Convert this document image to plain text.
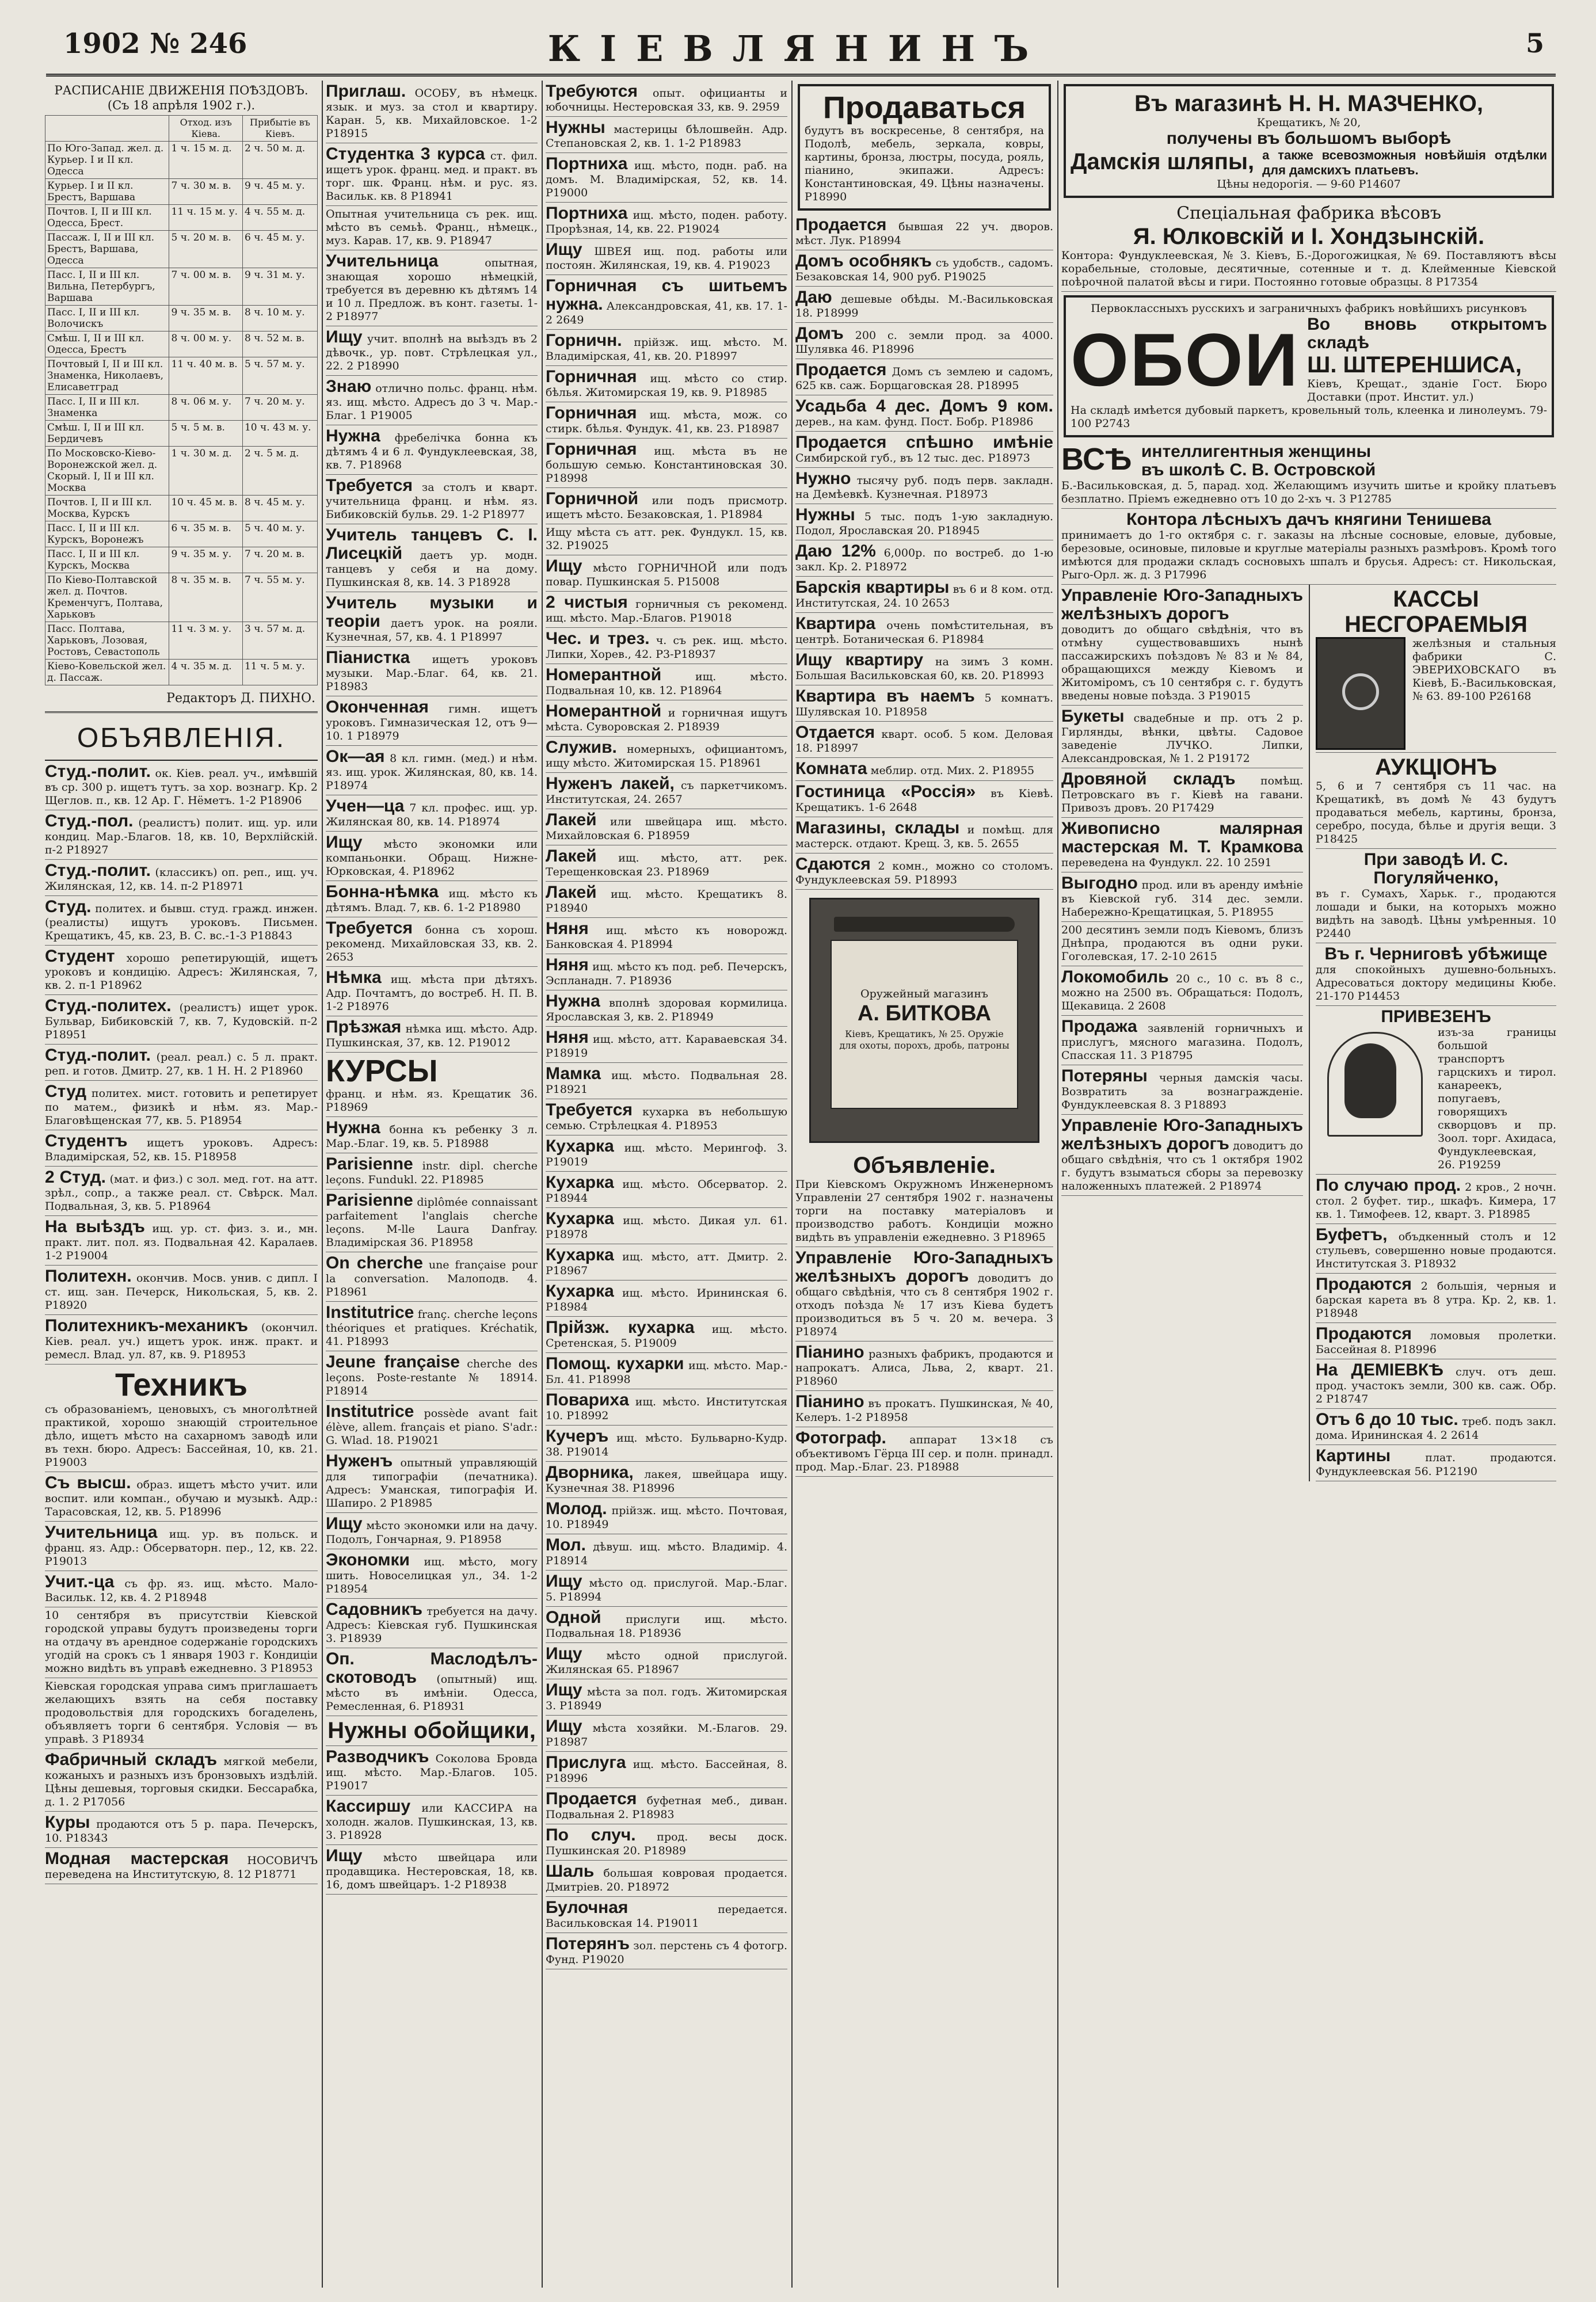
1902 № 246	КІЕВЛЯНИНЪ	5
РАСПИСАНІЕ ДВИЖЕНІЯ ПОѢЗДОВЪ.
(Съ 18 апрѣля 1902 г.).
	Отход. изъ Кіева.	Прибытіе въ Кіевъ.
По Юго-Запад. жел. д. Курьер. I и II кл. Одесса	1 ч. 15 м. д.	2 ч. 50 м. д.
Курьер. I и II кл. Брестъ, Варшава	7 ч. 30 м. в.	9 ч. 45 м. у.
Почтов. I, II и III кл. Одесса, Брест.	11 ч. 15 м. у.	4 ч. 55 м. д.
Пассаж. I, II и III кл. Брестъ, Варшава, Одесса	5 ч. 20 м. в.	6 ч. 45 м. у.
Пасс. I, II и III кл. Вильна, Петербургъ, Варшава	7 ч. 00 м. в.	9 ч. 31 м. у.
Пасс. I, II и III кл. Волочискъ	9 ч. 35 м. в.	8 ч. 10 м. у.
Смѣш. I, II и III кл. Одесса, Брестъ	8 ч. 00 м. у.	8 ч. 52 м. в.
Почтовый I, II и III кл. Знаменка, Николаевъ, Елисаветград	11 ч. 40 м. в.	5 ч. 57 м. у.
Пасс. I, II и III кл. Знаменка	8 ч. 06 м. у.	7 ч. 20 м. у.
Смѣш. I, II и III кл. Бердичевъ	5 ч. 5 м. в.	10 ч. 43 м. у.
По Московско-Кіево-Воронежской жел. д. Скорый. I, II и III кл. Москва	1 ч. 30 м. д.	2 ч. 5 м. д.
Почтов. I, II и III кл. Москва, Курскъ	10 ч. 45 м. в.	8 ч. 45 м. у.
Пасс. I, II и III кл. Курскъ, Воронежъ	6 ч. 35 м. в.	5 ч. 40 м. у.
Пасс. I, II и III кл. Курскъ, Москва	9 ч. 35 м. у.	7 ч. 20 м. в.
По Кіево-Полтавской жел. д. Почтов. Кременчугъ, Полтава, Харьковъ	8 ч. 35 м. в.	7 ч. 55 м. у.
Пасс. Полтава, Харьковъ, Лозовая, Ростовъ, Севастополь	11 ч. 3 м. у.	3 ч. 57 м. д.
Кіево-Ковельской жел. д. Пассаж.	4 ч. 35 м. д.	11 ч. 5 м. у.
Редакторъ Д. ПИХНО.
ОБЪЯВЛЕНІЯ.
Студ.-полит. ок. Кіев. реал. уч., имѣвшій въ ср. 300 р. ищетъ тутъ. за хор. вознагр. Кр. 2 Щеглов. п., кв. 12 Ар. Г. Нёметъ. 1-2 P18906
Студ.-пол. (реалистъ) полит. ищ. ур. или кондиц. Мар.-Благов. 18, кв. 10, Верхлійскій. п-2 P18927
Студ.-полит. (классикъ) оп. реп., ищ. уч. Жилянская, 12, кв. 14. п-2 P18971
Студ. политех. и бывш. студ. гражд. инжен. (реалисты) ищутъ уроковъ. Письмен. Крещатикъ, 45, кв. 23, В. С. вс.-1-3 P18843
Студент хорошо репетирующій, ищетъ уроковъ и кондицію. Адресъ: Жилянская, 7, кв. 2. п-1 P18962
Студ.-политех. (реалистъ) ищет урок. Бульвар, Бибиковскій 7, кв. 7, Кудовскій. п-2 P18951
Студ.-полит. (реал. реал.) с. 5 л. практ. реп. и готов. Дмитр. 27, кв. 1 Н. Н. 2 P18960
Студ политех. мист. готовить и репетирует по матем., физикѣ и нѣм. яз. Мар.-Благовѣщенская 77, кв. 5. P18954
Студентъ ищетъ уроковъ. Адресъ: Владимірская, 52, кв. 15. P18958
2 Студ. (мат. и физ.) с зол. мед. гот. на атт. зрѣл., сопр., а также реал. ст. Свѣрск. Мал. Подвальная, 3, кв. 5. P18964
На выѣздъ ищ. ур. ст. физ. з. и., мн. практ. лит. пол. яз. Подвальная 42. Каралаев. 1-2 P19004
Политехн. окончив. Мосв. унив. с дипл. I ст. ищ. зан. Печерск, Никольская, 5, кв. 2. P18920
Политехникъ-механикъ (окончил. Кіев. реал. уч.) ищетъ урок. инж. практ. и ремесл. Влад. ул. 87, кв. 9. P18953
Техникъ
съ образованіемъ, ценовыхъ, съ многолѣтней практикой, хорошо знающій строительное дѣло, ищетъ мѣсто на сахарномъ заводѣ или въ техн. бюро. Адресъ: Бассейная, 10, кв. 21. P19003
Съ высш. образ. ищетъ мѣсто учит. или воспит. или компан., обучаю и музыкѣ. Адр.: Тарасовская, 12, кв. 5. P18996
Учительница ищ. ур. въ польск. и франц. яз. Адр.: Обсерваторн. пер., 12, кв. 22. P19013
Учит.-ца съ фр. яз. ищ. мѣсто. Мало-Васильк. 12, кв. 4. 2 P18948
10 сентября въ присутствіи Кіевской городской управы будутъ произведены торги на отдачу въ арендное содержаніе городскихъ угодій на срокъ съ 1 января 1903 г. Кондиціи можно видѣть въ управѣ ежедневно. 3 P18953
Кіевская городская управа симъ приглашаетъ желающихъ взять на себя поставку продовольствія для городскихъ богаделень, объявляетъ торги 6 сентября. Условія — въ управѣ. 3 P18934
Фабричный складъ мягкой мебели, кожаныхъ и разныхъ изъ бронзовыхъ издѣлій. Цѣны дешевыя, торговыя скидки. Бессарабка, д. 1. 2 P17056
Куры продаются отъ 5 р. пара. Печерскъ, 10. P18343
Модная мастерская НОСОВИЧЪ переведена на Институтскую, 8. 12 P18771
Приглаш. ОСОБУ, въ нѣмецк. язык. и муз. за стол и квартиру. Каран. 5, кв. Михайловское. 1-2 P18915
Студентка 3 курса ст. фил. ищетъ урок. франц. мед. и практ. въ торг. шк. Франц. нѣм. и рус. яз. Васильк. кв. 8 P18941
Опытная учительница съ рек. ищ. мѣсто въ семьѣ. Франц., нѣмецк., муз. Карав. 17, кв. 9. P18947
Учительница	опытная, знающая хорошо нѣмецкій, требуется въ деревню къ дѣтямъ 14 и 10 л. Предлож. въ конт. газеты. 1-2 P18977
Ищу учит. вполнѣ на выѣздъ въ 2 дѣвочк., ур. повт. Стрѣлецкая ул., 22. 2 P18990
Знаю отлично польс. франц. нѣм. яз. ищ. мѣсто. Адресъ до 3 ч. Мар.-Благ. 1 P19005
Нужна фребелічка бонна къ дѣтямъ 4 и 6 л. Фундуклеевская, 38, кв. 7. P18968
Требуется за столъ и кварт. учительница франц. и нѣм. яз. Бибиковскій бульв. 29. 1-2 P18977
Учитель танцевъ С. І. Лисецкій даетъ ур. модн. танцевъ у себя и на дому. Пушкинская 8, кв. 14. 3 P18928
Учитель музыки и теоріи даетъ урок. на рояли. Кузнечная, 57, кв. 4. 1 P18997
Піанистка ищетъ уроковъ музыки. Мар.-Благ. 64, кв. 21. P18983
Оконченная гимн. ищетъ уроковъ. Гимназическая 12, отъ 9—10. 1 P18979
Ок—ая 8 кл. гимн. (мед.) и нѣм. яз. ищ. урок. Жилянская, 80, кв. 14. P18974
Учен—ца 7 кл. профес. ищ. ур. Жилянская 80, кв. 14. P18974
Ищу мѣсто экономки или компаньонки. Обращ. Нижне-Юрковская, 4. P18962
Бонна-нѣмка ищ. мѣсто къ дѣтямъ. Влад. 7, кв. 6. 1-2 P18980
Требуется бонна съ хорош. рекоменд. Михайловская 33, кв. 2. 2653
Нѣмка ищ. мѣста при дѣтяхъ. Адр. Почтамтъ, до востреб. Н. П. В. 1-2 P18976
Прѣзжая нѣмка ищ. мѣсто. Адр. Пушкинская, 37, кв. 12. P19012
КУРСЫ
франц. и нѣм. яз. Крещатик 36. P18969
Нужна бонна къ ребенку 3 л. Мар.-Благ. 19, кв. 5. P18988
Parisienne instr. dipl. cherche leçons. Fundukl. 22. P18985
Parisienne diplômée connaissant parfaitement l'anglais cherche leçons. M-lle Laura Danfray. Владимірская 36. P18958
On cherche une française pour la conversation. Малоподв. 4. P18961
Institutrice franç. cherche leçons théoriques et pratiques. Kréchatik, 41. P18993
Jeune française cherche des leçons. Poste-restante № 18914. P18914
Institutrice possède avant fait élève, allem. français et piano. S'adr.: G. Wlad. 18. P19021
Нуженъ опытный управляющій для типографіи (печатника). Адресъ: Уманская, типографія И. Шапиро. 2 P18985
Ищу мѣсто экономки или на дачу. Подолъ, Гончарная, 9. P18958
Экономки ищ. мѣсто, могу шить. Новоселицкая ул., 34. 1-2 P18954
Садовникъ требуется на дачу. Адресъ: Кіевская губ. Пушкинская 3. P18939
Оп. Маслодѣлъ-скотоводъ (опытный) ищ. мѣсто въ имѣніи. Одесса, Ремесленная, 6. P18931
Нужны обойщики,
Разводчикъ Соколова Бровда ищ. мѣсто. Мар.-Благов. 105. P19017
Кассиршу или КАССИРА на холодн. жалов. Пушкинская, 13, кв. 3. P18928
Ищу мѣсто швейцара или продавщика. Нестеровская, 18, кв. 16, домъ швейцаръ. 1-2 P18938
Требуются опыт. официанты и юбочницы. Нестеровская 33, кв. 9. 2959
Нужны мастерицы бѣлошвейн. Адр. Степановская 2, кв. 1. 1-2 P18983
Портниха ищ. мѣсто, подн. раб. на домъ. М. Владимірская, 52, кв. 14. P19000
Портниха ищ. мѣсто, поден. работу. Прорѣзная, 14, кв. 22. P19024
Ищу ШВЕЯ ищ. под. работы или постоян. Жилянская, 19, кв. 4. P19023
Горничная съ шитьемъ нужна. Александровская, 41, кв. 17. 1-2 2649
Горничн. прійзж. ищ. мѣсто. М. Владимірская, 41, кв. 20. P18997
Горничная ищ. мѣсто со стир. бѣлья. Житомирская 19, кв. 9. P18985
Горничная ищ. мѣста, мож. со стирк. бѣлья. Фундук. 41, кв. 23. P18987
Горничная ищ. мѣста въ не большую семью. Константиновская 30. P18998
Горничной или подъ присмотр. ищетъ мѣсто. Безаковская, 1. P18984
Ищу мѣста съ атт. рек. Фундукл. 15, кв. 32. P19025
Ищу мѣсто ГОРНИЧНОЙ или подъ повар. Пушкинская 5. P15008
2 чистыя горничныя съ рекоменд. ищ. мѣсто. Мар.-Благов. P19018
Чес. и трез. ч. съ рек. ищ. мѣсто. Липки, Хорев., 42. P3-P18937
Номерантной	ищ. мѣсто. Подвальная 10, кв. 12. P18964
Номерантной и горничная ищутъ мѣста. Суворовская 2. P18939
Служив. номерныхъ, официантомъ, ищу мѣсто. Житомирская 15. P18961
Нуженъ лакей, съ паркетчикомъ. Институтская, 24. 2657
Лакей или швейцара ищ. мѣсто. Михайловская 6. P18959
Лакей ищ. мѣсто, атт. рек. Терещенковская 23. P18969
Лакей ищ. мѣсто. Крещатикъ 8. P18940
Няня ищ. мѣсто къ новорожд. Банковская 4. P18994
Няня ищ. мѣсто къ под. реб. Печерскъ, Эспланадн. 7. P18936
Нужна вполнѣ здоровая кормилица. Ярославская 3, кв. 2. P18949
Няня ищ. мѣсто, атт. Караваевская 34. P18919
Мамка ищ. мѣсто. Подвальная 28. P18921
Требуется кухарка въ небольшую семью. Стрѣлецкая 4. P18953
Кухарка ищ. мѣсто. Мерингоф. 3. P19019
Кухарка ищ. мѣсто. Обсерватор. 2. P18944
Кухарка ищ. мѣсто. Дикая ул. 61. P18978
Кухарка ищ. мѣсто, атт. Дмитр. 2. P18967
Кухарка ищ. мѣсто. Ирининская 6. P18984
Прійзж. кухарка ищ. мѣсто. Сретенская, 5. P19009
Помощ. кухарки ищ. мѣсто. Мар.-Бл. 41. P18998
Повариха ищ. мѣсто. Институтская 10. P18992
Кучеръ ищ. мѣсто. Бульварно-Кудр. 38. P19014
Дворника, лакея, швейцара ищу. Кузнечная 38. P18996
Молод. прійзж. ищ. мѣсто. Почтовая, 10. P18949
Мол. дѣвуш. ищ. мѣсто. Владимір. 4. P18914
Ищу мѣсто од. прислугой. Мар.-Благ. 5. P18994
Одной прислуги ищ. мѣсто. Подвальная 18. P18936
Ищу мѣсто одной прислугой. Жилянская 65. P18967
Ищу мѣста за пол. годъ. Житомирская 3. P18949
Ищу мѣста хозяйки. М.-Благов. 29. P18987
Прислуга ищ. мѣсто. Бассейная, 8. P18996
Продается буфетная меб., диван. Подвальная 2. P18983
По случ. прод. весы доск. Пушкинская 20. P18989
Шаль большая ковровая продается. Дмитріев. 20. P18972
Булочная	передается. Васильковская 14. P19011
Потерянъ зол. перстень съ 4 фотогр. Фунд. P19020
Продаваться
будутъ въ воскресенье, 8 сентября, на Подолѣ, мебель, зеркала, ковры, картины, бронза, люстры, посуда, рояль, піанино, экипажи. Адресъ: Константиновская, 49. Цѣны назначены. P18990
Продается бывшая 22 уч. дворов. мѣст. Лук. P18994
Домъ особнякъ съ удобств., садомъ. Безаковская 14, 900 руб. P19025
Даю дешевые обѣды. М.-Васильковская 18. P18999
Домъ 200 с. земли прод. за 4000. Шулявка 46. P18996
Продается Домъ съ землею и садомъ, 625 кв. саж. Борщаговская 28. P18995
Усадьба 4 дес. Домъ 9 ком. дерев., на кам. фунд. Пост. Бобр. P18986
Продается спѣшно имѣніе Симбирской губ., въ 12 тыс. дес. P18973
Нужно тысячу руб. подъ перв. закладн. на Демѣевкѣ. Кузнечная. P18973
Нужны 5 тыс. подъ 1-ую закладную. Подол, Ярославская 20. P18945
Даю 12% 6,000р. по востреб. до 1-ю закл. Кр. 2. P18972
Барскія квартиры въ 6 и 8 ком. отд. Институтская, 24. 10 2653
Квартира очень помѣстительная, въ центрѣ. Ботаническая 6. P18984
Ищу квартиру на зимъ 3 комн. Большая Васильковская 60, кв. 20. P18993
Квартира въ наемъ 5 комнатъ. Шулявская 10. P18958
Отдается кварт. особ. 5 ком. Деловая 18. P18997
Комната меблир. отд. Мих. 2. P18955
Гостиница «Россія» въ Кіевѣ. Крещатикъ. 1-6 2648
Магазины, склады и помѣщ. для мастерск. отдают. Крещ. 3, кв. 5. 2655
Сдаются 2 комн., можно со столомъ. Фундуклеевская 59. P18993
Оружейный магазинъ
А. БИТКОВА
Кіевъ, Крещатикъ, № 25. Оружіе для охоты, порохъ, дробь, патроны
Объявленіе.
При Кіевскомъ Окружномъ Инженерномъ Управленіи 27 сентября 1902 г. назначены торги на поставку матеріаловъ и производство работъ. Кондиціи можно видѣть въ управленіи ежедневно. 3 P18965
Управленіе Юго-Западныхъ желѣзныхъ дорогъ доводитъ до общаго свѣдѣнія, что съ 8 сентября 1902 г. отходъ поѣзда № 17 изъ Кіева будетъ производиться въ 5 ч. 20 м. вечера. 3 P18974
Піанино разныхъ фабрикъ, продаются и напрокатъ. Алиса, Льва, 2, кварт. 21. P18960
Піанино въ прокатъ. Пушкинская, № 40, Келеръ. 1-2 P18958
Фотограф. аппарат 13×18 съ объективомъ Гёрца III сер. и полн. принадл. прод. Мар.-Благ. 23. P18988
Въ магазинѣ Н. Н. МАЗЧЕНКО,
Крещатикъ, № 20,
получены въ большомъ выборѣ
Дамскія шляпы, а также всевозможныя новѣйшія отдѣлки для дамскихъ платьевъ.
Цѣны недорогія. — 9-60 P14607
Спеціальная фабрика вѣсовъ
Я. Юлковскій и І. Хондзынскій.
Контора: Фундуклеевская, № 3. Кіевъ, Б.-Дорогожицкая, № 69. Поставляютъ вѣсы корабельные, столовые, десятичные, сотенные и т. д. Клейменные Кіевской поѣрочной палатой вѣсы и гири. Постоянно готовые образцы. 8 P17354
Первоклассныхъ русскихъ и заграничныхъ фабрикъ новѣйшихъ рисунковъ
ОБОИ Во вновь открытомъ складѣ
Ш. ШТЕРЕНШИСА,
Кіевъ, Крещат., зданіе Гост. Бюро Доставки (прот. Инстит. ул.)
На складѣ имѣется дубовый паркетъ, кровельный толь, клеенка и линолеумъ. 79-100 P2743
ВСѢ интеллигентныя женщины
въ школѣ С. В. Островской
Б.-Васильковская, д. 5, парад. ход. Желающимъ изучить шитье и кройку платьевъ безплатно. Пріемъ ежедневно отъ 10 до 2-хъ ч. 3 P12785
Контора лѣсныхъ дачъ княгини Тенишева
принимаетъ до 1-го октября с. г. заказы на лѣсные сосновые, еловые, дубовые, березовые, осиновые, пиловые и круглые матеріалы разныхъ размѣровъ. Кромѣ того имѣются для продажи складъ сосновыхъ шпалъ и брусья. Адресъ: ст. Никольская, Рыго-Орл. ж. д. 3 P17996
Управленіе Юго-Западныхъ желѣзныхъ дорогъ
доводитъ до общаго свѣдѣнія, что въ отмѣну существовавшихъ нынѣ пассажирскихъ поѣздовъ № 83 и № 84, обращающихся между Кіевомъ и Житоміромъ, съ 10 сентября с. г. будутъ введены новые поѣзда. 3 P19015
Букеты свадебные и пр. отъ 2 р. Гирлянды, вѣнки, цвѣты. Садовое заведеніе ЛУЧКО. Липки, Александровская, № 1. 2 P19172
Дровяной складъ помѣщ. Петровскаго въ г. Кіевѣ на гавани. Привозъ дровъ. 20 P17429
Живописно малярная мастерская М. Т. Крамкова переведена на Фундукл. 22. 10 2591
Выгодно прод. или въ аренду имѣніе въ Кіевской губ. 314 дес. земли. Набережно-Крещатицкая, 5. P18955
200 десятинъ земли подъ Кіевомъ, близъ Днѣпра, продаются въ одни руки. Гоголевская, 17. 2-10 2615
Локомобиль 20 с., 10 с. въ 8 с., можно на 2500 въ. Обращаться: Подолъ, Щекавица. 2 2608
Продажа заявленій горничныхъ и прислугъ, мясного магазина. Подолъ, Спасская 11. 3 P18795
Потеряны черныя дамскія часы. Возвратить за вознагражденіе. Фундуклеевская 8. 3 P18893
Управленіе Юго-Западныхъ желѣзныхъ дорогъ доводитъ до общаго свѣдѣнія, что съ 1 октября 1902 г. будутъ взыматься сборы за перевозку наложенныхъ платежей. 2 P18974
КАССЫ НЕСГОРАЕМЫЯ
желѣзныя и стальныя фабрики С. ЭВЕРИХОВСКАГО въ Кіевѣ, Б.-Васильковская, № 63. 89-100 P26168
АУКЦІОНЪ
5, 6 и 7 сентября съ 11 час. на Крещатикѣ, въ домѣ № 43 будутъ продаваться мебель, картины, бронза, серебро, посуда, бѣлье и другія вещи. 3 P18425
При заводѣ И. С. Погуляйченко,
въ г. Сумахъ, Харьк. г., продаются лошади и быки, на которыхъ можно видѣть на заводѣ. Цѣны умѣренныя. 10 P2440
Въ г. Черниговѣ убѣжище
для спокойныхъ душевно-больныхъ. Адресоваться доктору медицины Кюбе. 21-170 P14453
ПРИВЕЗЕНЪ
изъ-за границы большой транспортъ гарцскихъ и тирол. канареекъ, попугаевъ, говорящихъ скворцовъ и пр. Зоол. торг. Ахидаса, Фундуклеевская, 26. P19259
По случаю прод. 2 кров., 2 ночн. стол. 2 буфет. тир., шкафъ. Кимера, 17 кв. 1. Тимофеев. 12, кварт. 3. P18985
Буфетъ, объдкенный столъ и 12 стульевъ, совершенно новые продаются. Институтская 3. P18932
Продаются 2 большія, черныя и барская карета въ 8 утра. Кр. 2, кв. 1. P18948
Продаются ломовыя пролетки. Бассейная 8. P18996
На ДЕМІЕВКѢ случ. отъ деш. прод. участокъ земли, 300 кв. саж. Обр. 2 P18747
Отъ 6 до 10 тыс. треб. подъ закл. дома. Ирининская 4. 2 2614
Картины	плат. продаются. Фундуклеевская 56. P12190
